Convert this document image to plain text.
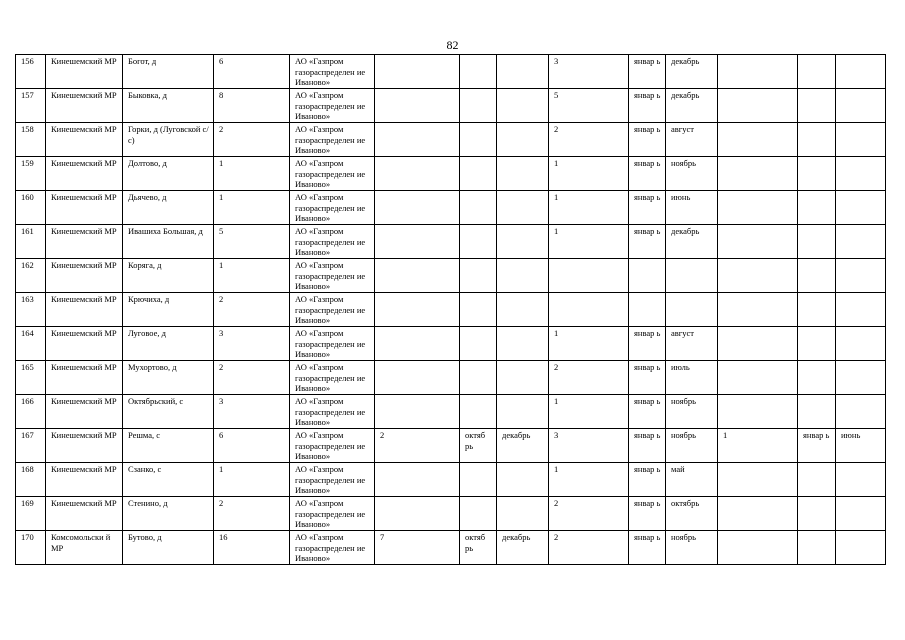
82
156	Кинешемский МР	Богот, д	6	АО «Газпром газораспределен ие Иваново»				3	январ ь	декабрь			
157	Кинешемский МР	Быковка, д	8	АО «Газпром газораспределен ие Иваново»				5	январ ь	декабрь			
158	Кинешемский МР	Горки, д (Луговской с/с)	2	АО «Газпром газораспределен ие Иваново»				2	январ ь	август			
159	Кинешемский МР	Долтово, д	1	АО «Газпром газораспределен ие Иваново»				1	январ ь	ноябрь			
160	Кинешемский МР	Дьячево, д	1	АО «Газпром газораспределен ие Иваново»				1	январ ь	июнь			
161	Кинешемский МР	Ивашиха Большая, д	5	АО «Газпром газораспределен ие Иваново»				1	январ ь	декабрь			
162	Кинешемский МР	Коряга, д	1	АО «Газпром газораспределен ие Иваново»									
163	Кинешемский МР	Крючиха, д	2	АО «Газпром газораспределен ие Иваново»									
164	Кинешемский МР	Луговое, д	3	АО «Газпром газораспределен ие Иваново»				1	январ ь	август			
165	Кинешемский МР	Мухортово, д	2	АО «Газпром газораспределен ие Иваново»				2	январ ь	июль			
166	Кинешемский МР	Октябрьский, с	3	АО «Газпром газораспределен ие Иваново»				1	январ ь	ноябрь			
167	Кинешемский МР	Решма, с	6	АО «Газпром газораспределен ие Иваново»	2	октяб рь	декабрь	3	январ ь	ноябрь	1	январ ь	июнь
168	Кинешемский МР	Сзанко, с	1	АО «Газпром газораспределен ие Иваново»				1	январ ь	май			
169	Кинешемский МР	Стенино, д	2	АО «Газпром газораспределен ие Иваново»				2	январ ь	октябрь			
170	Комсомольски й МР	Бутово, д	16	АО «Газпром газораспределен ие Иваново»	7	октяб рь	декабрь	2	январ ь	ноябрь			
